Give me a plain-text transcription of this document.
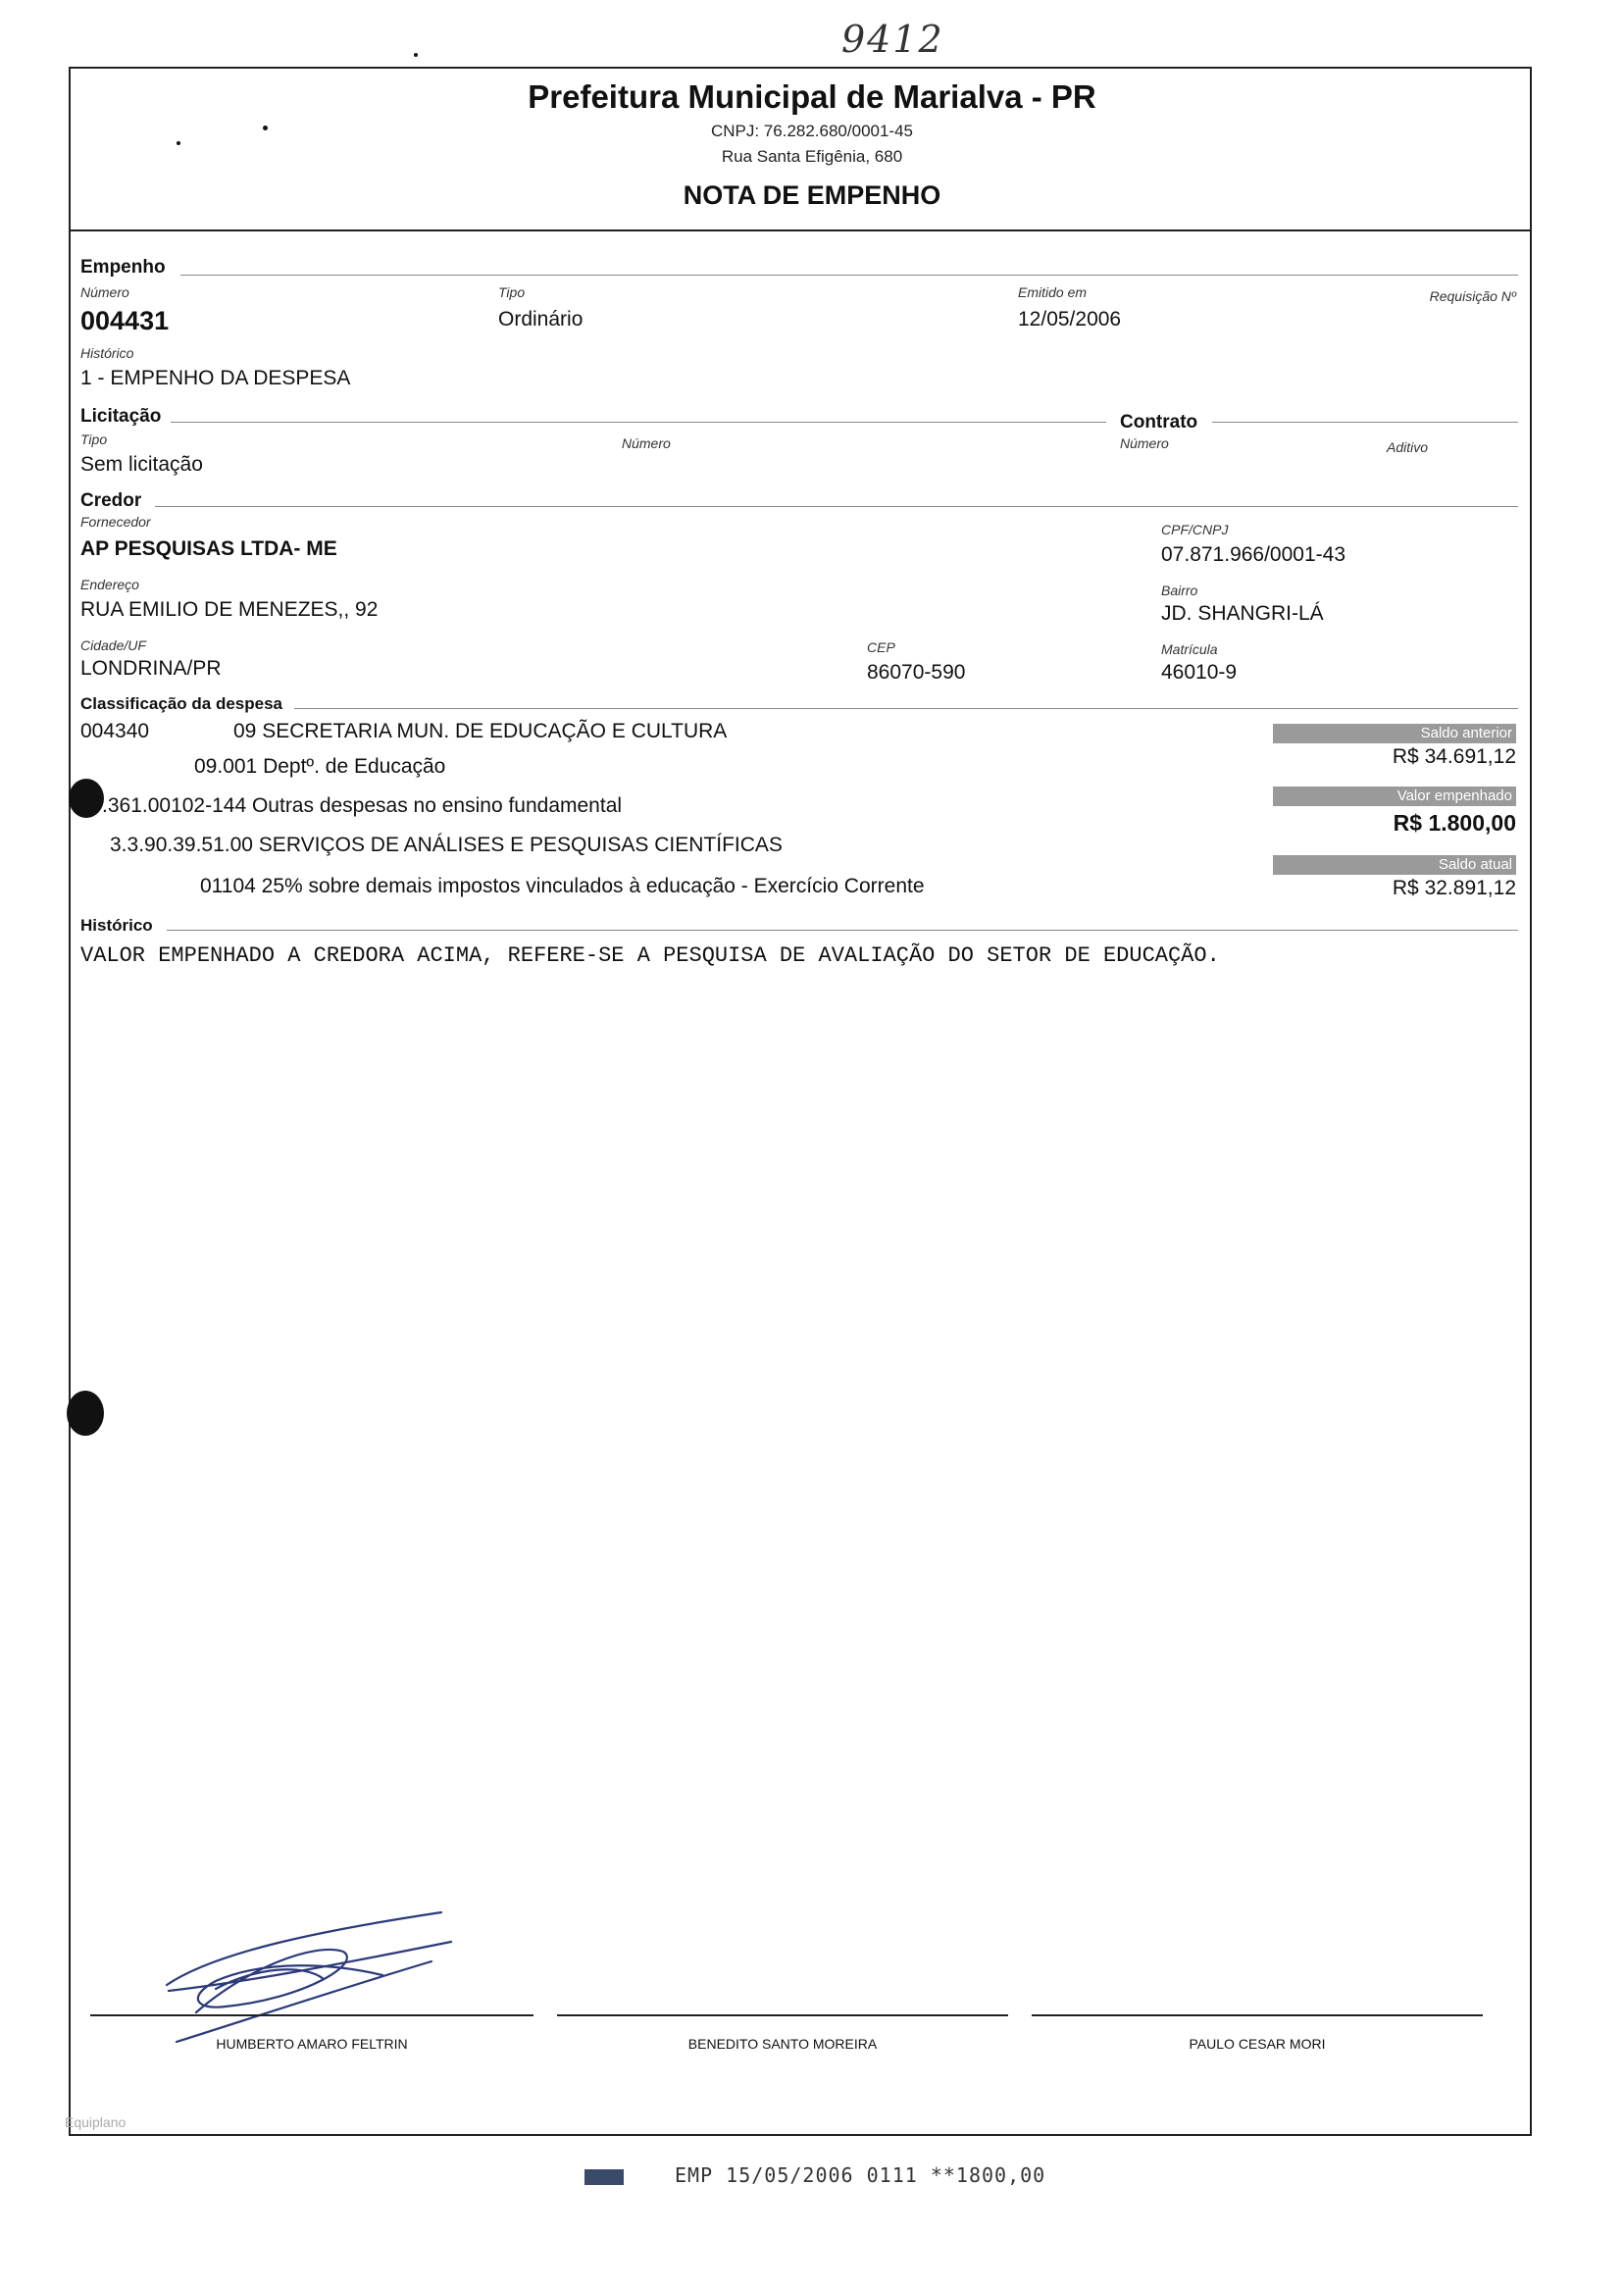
9412
Prefeitura Municipal de Marialva - PR
CNPJ: 76.282.680/0001-45
Rua Santa Efigênia, 680
NOTA DE EMPENHO
Empenho
Número
004431
Tipo
Ordinário
Emitido em
12/05/2006
Requisição Nº
Histórico
1 - EMPENHO DA DESPESA
Licitação	Contrato
Tipo
Sem licitação
Número	Número	Aditivo
Credor
Fornecedor
AP PESQUISAS LTDA- ME
CPF/CNPJ
07.871.966/0001-43
Endereço
RUA EMILIO DE MENEZES,, 92
Bairro
JD. SHANGRI-LÁ
Cidade/UF
LONDRINA/PR
CEP
86070-590
Matrícula
46010-9
Classificação da despesa
004340	09 SECRETARIA MUN. DE EDUCAÇÃO E CULTURA
09.001 Deptº. de Educação
.361.00102-144 Outras despesas no ensino fundamental
3.3.90.39.51.00 SERVIÇOS DE ANÁLISES E PESQUISAS CIENTÍFICAS
01104 25% sobre demais impostos vinculados à educação - Exercício Corrente
Saldo anterior
R$ 34.691,12
Valor empenhado
R$ 1.800,00
Saldo atual
R$ 32.891,12
Histórico
VALOR EMPENHADO A CREDORA ACIMA, REFERE-SE A PESQUISA DE AVALIAÇÃO DO SETOR DE EDUCAÇÃO.
HUMBERTO AMARO FELTRIN	BENEDITO SANTO MOREIRA	PAULO CESAR MORI
Equiplano
EMP 15/05/2006 0111 **1800,00
